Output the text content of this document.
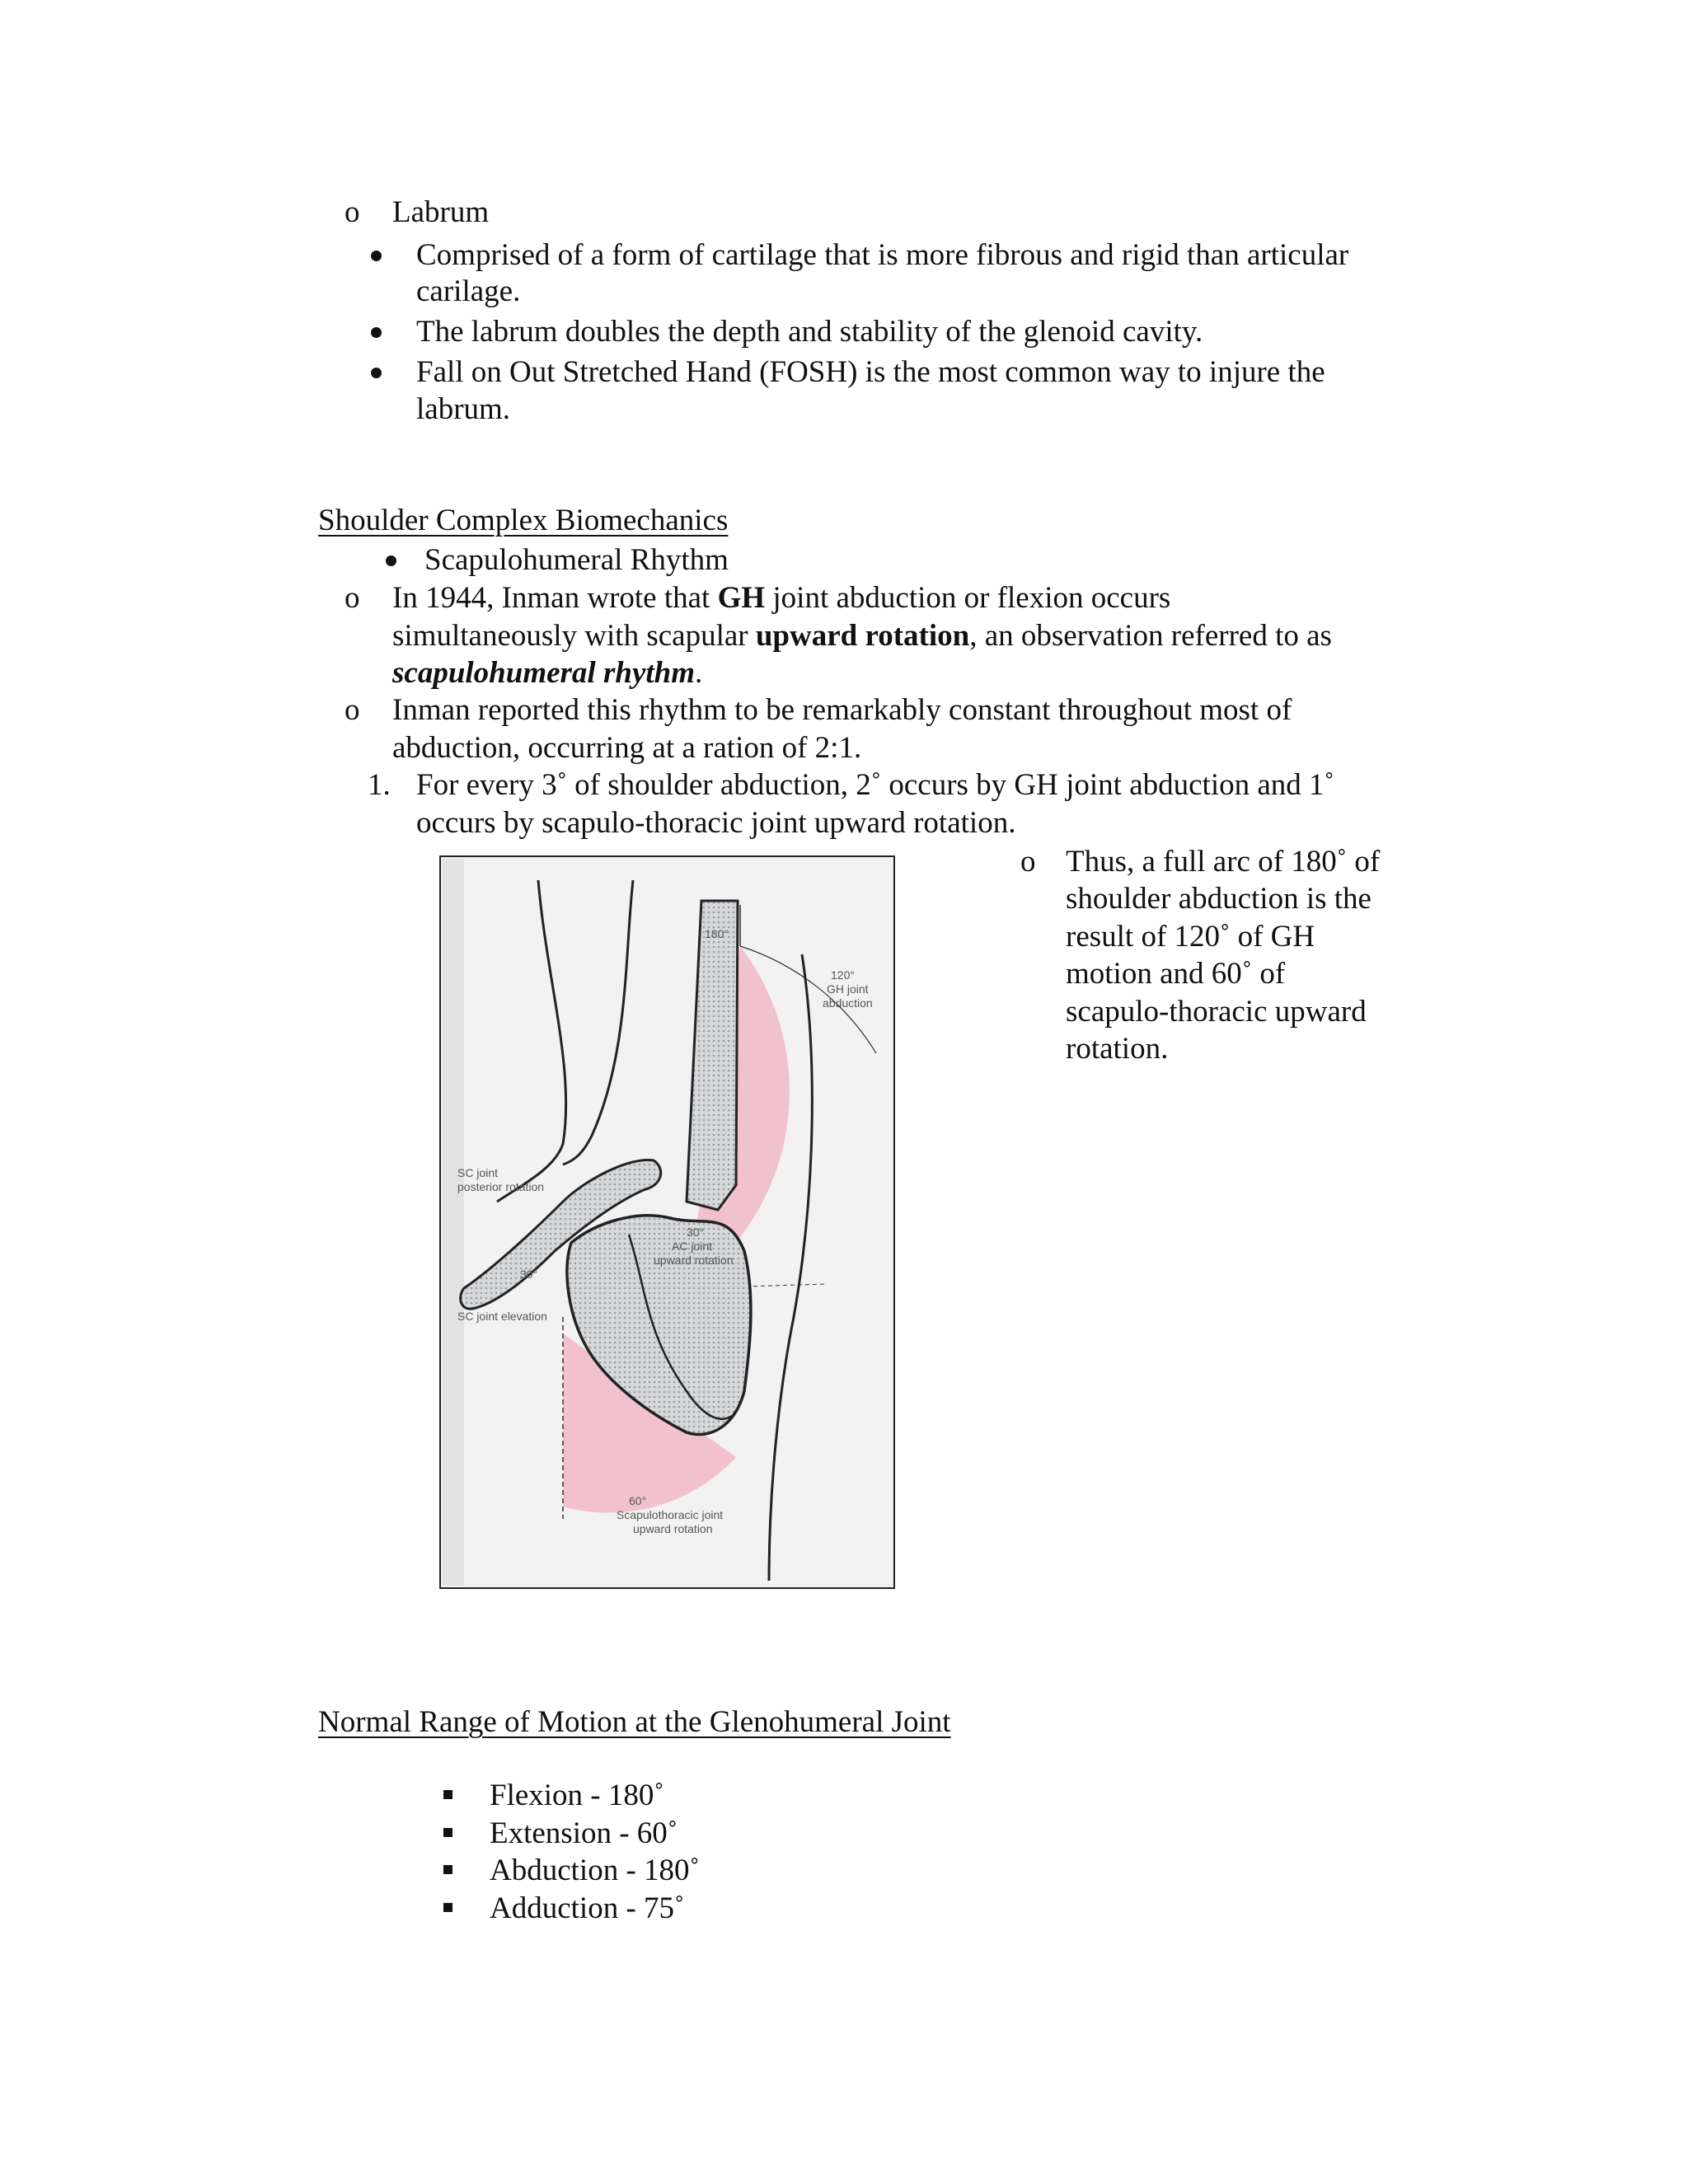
o Labrum
Comprised of a form of cartilage that is more fibrous and rigid than articular
carilage.
The labrum doubles the depth and stability of the glenoid cavity.
Fall on Out Stretched Hand (FOSH) is the most common way to injure the
labrum.
Shoulder Complex Biomechanics
Scapulohumeral Rhythm
o In 1944, Inman wrote that GH joint abduction or flexion occurs
simultaneously with scapular upward rotation, an observation referred to as
scapulohumeral rhythm.
o Inman reported this rhythm to be remarkably constant throughout most of
abduction, occurring at a ration of 2:1.
1. For every 3˚ of shoulder abduction, 2˚ occurs by GH joint abduction and 1˚
occurs by scapulo-thoracic joint upward rotation.
o Thus, a full arc of 180˚ of
shoulder abduction is the
result of 120˚ of GH
motion and 60˚ of
scapulo-thoracic upward
rotation.
180°
120°
GH joint
abduction
SC joint
posterior rotation
30°
AC joint
upward rotation
30°
SC joint elevation
60°
Scapulothoracic joint
upward rotation
Normal Range of Motion at the Glenohumeral Joint
Flexion - 180˚
Extension - 60˚
Abduction - 180˚
Adduction - 75˚
